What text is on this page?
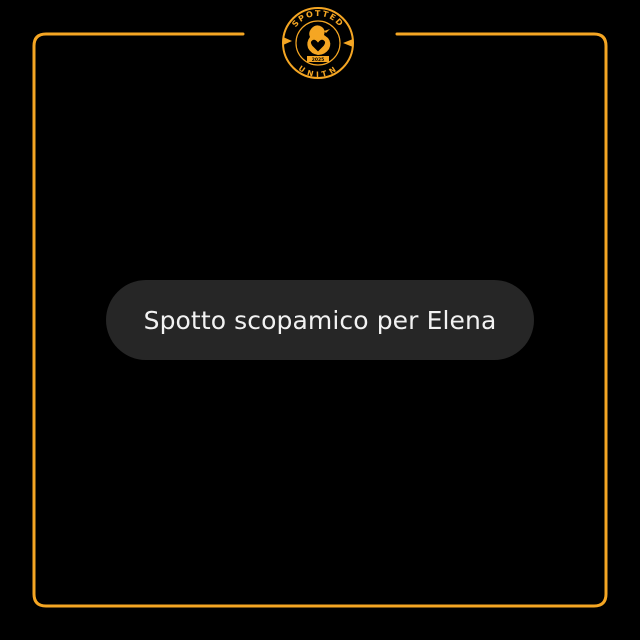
SPOTTED
UNITN
2025
Spotto scopamico per Elena
